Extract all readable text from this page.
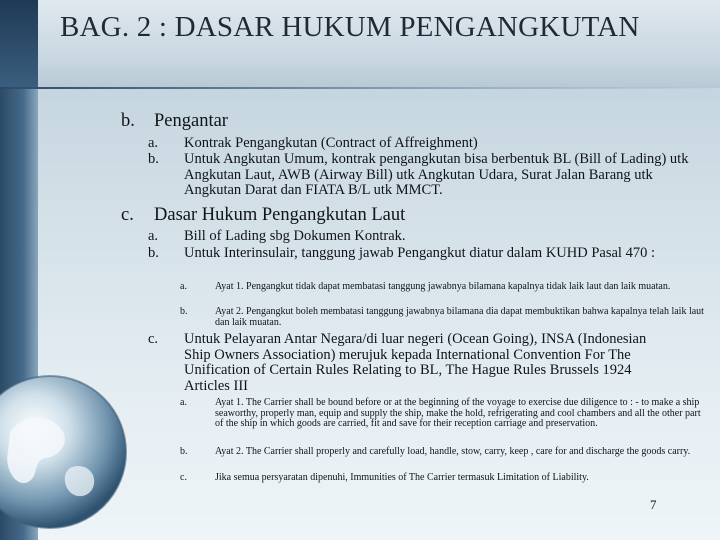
BAG. 2 : DASAR HUKUM PENGANGKUTAN
b. Pengantar
a. Kontrak Pengangkutan (Contract of Affreighment)
b. Untuk Angkutan Umum, kontrak pengangkutan bisa berbentuk BL (Bill of Lading) utk Angkutan Laut, AWB (Airway Bill) utk Angkutan Udara, Surat Jalan Barang utk Angkutan Darat dan FIATA B/L utk MMCT.
c. Dasar Hukum Pengangkutan Laut
a. Bill of Lading sbg Dokumen Kontrak.
b. Untuk Interinsulair, tanggung jawab Pengangkut diatur dalam KUHD Pasal 470 :
a.	Ayat 1. Pengangkut tidak dapat membatasi tanggung jawabnya bilamana kapalnya tidak laik laut dan laik muatan.
b.	Ayat 2. Pengangkut boleh membatasi tanggung jawabnya bilamana dia dapat membuktikan bahwa kapalnya telah laik laut dan laik muatan.
c. Untuk Pelayaran Antar Negara/di luar negeri (Ocean Going), INSA (Indonesian Ship Owners Association) merujuk kepada International Convention For The Unification of Certain Rules Relating to BL, The Hague Rules Brussels 1924 Articles III
a.	Ayat 1. The Carrier shall be bound before or at the beginning of the voyage to exercise due diligence to : - to make a ship seaworthy, properly man, equip and supply the ship, make the hold, refrigerating and cool chambers and all the other part of the ship in which goods are carried, fit and save for their reception carriage and preservation.
b.	Ayat 2. The Carrier shall properly and carefully load, handle, stow, carry, keep , care for and discharge the goods carry.
c.	Jika semua persyaratan dipenuhi, Immunities of The Carrier termasuk Limitation of Liability.
7
